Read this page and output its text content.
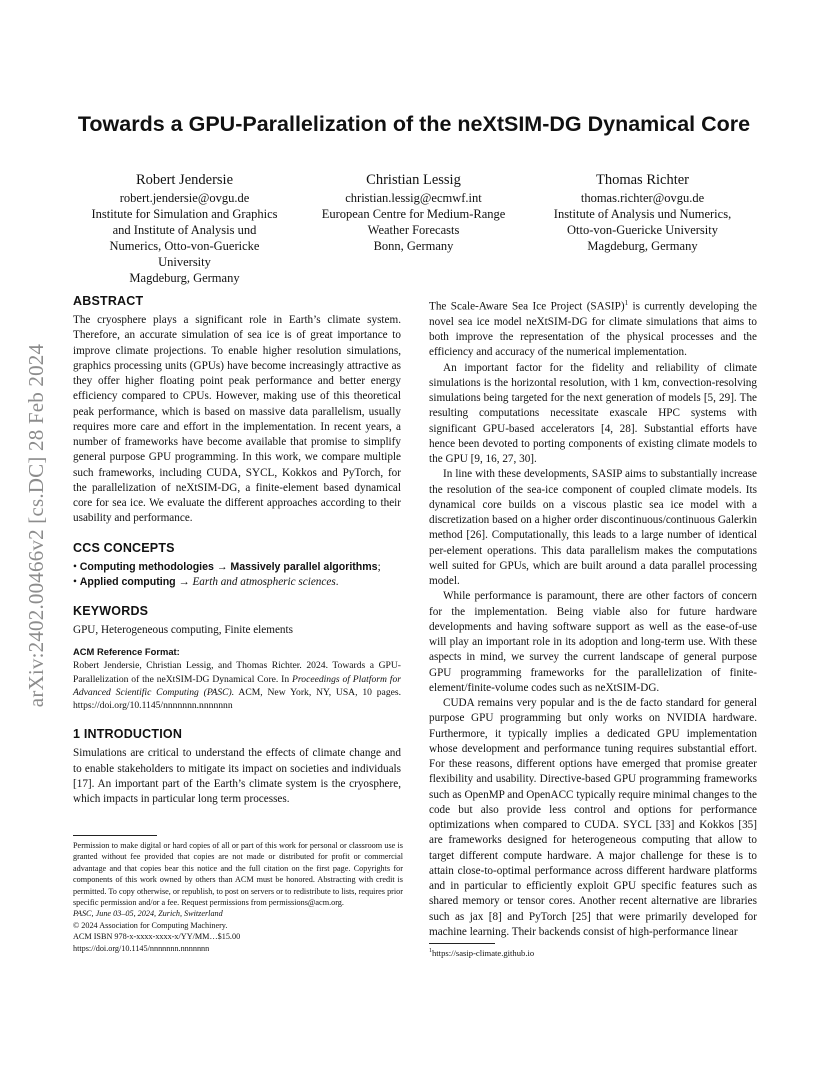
arXiv:2402.00466v2 [cs.DC] 28 Feb 2024
Towards a GPU-Parallelization of the neXtSIM-DG Dynamical Core
Robert Jendersie
robert.jendersie@ovgu.de
Institute for Simulation and Graphics
and Institute of Analysis und
Numerics, Otto-von-Guericke
University
Magdeburg, Germany
Christian Lessig
christian.lessig@ecmwf.int
European Centre for Medium-Range
Weather Forecasts
Bonn, Germany
Thomas Richter
thomas.richter@ovgu.de
Institute of Analysis und Numerics,
Otto-von-Guericke University
Magdeburg, Germany
ABSTRACT

The cryosphere plays a significant role in Earth’s climate system. Therefore, an accurate simulation of sea ice is of great importance to improve climate projections. To enable higher resolution simulations, graphics processing units (GPUs) have become increasingly attractive as they offer higher floating point peak performance and better energy efficiency compared to CPUs. However, making use of this theoretical peak performance, which is based on massive data parallelism, usually requires more care and effort in the implementation. In recent years, a number of frameworks have become available that promise to simplify general purpose GPU programming. In this work, we compare multiple such frameworks, including CUDA, SYCL, Kokkos and PyTorch, for the parallelization of neXtSIM-DG, a finite-element based dynamical core for sea ice. We evaluate the different approaches according to their usability and performance.

CCS CONCEPTS
• Computing methodologies → Massively parallel algorithms;
• Applied computing → Earth and atmospheric sciences.
KEYWORDS

GPU, Heterogeneous computing, Finite elements

ACM Reference Format:

Robert Jendersie, Christian Lessig, and Thomas Richter. 2024. Towards a GPU-Parallelization of the neXtSIM-DG Dynamical Core. In Proceedings of Platform for Advanced Scientific Computing (PASC). ACM, New York, NY, USA, 10 pages. https://doi.org/10.1145/nnnnnnn.nnnnnnn

1 INTRODUCTION

Simulations are critical to understand the effects of climate change and to enable stakeholders to mitigate its impact on societies and individuals [17]. An important part of the Earth’s climate system is the cryosphere, which impacts in particular long term processes.

Permission to make digital or hard copies of all or part of this work for personal or classroom use is granted without fee provided that copies are not made or distributed for profit or commercial advantage and that copies bear this notice and the full citation on the first page. Copyrights for components of this work owned by others than ACM must be honored. Abstracting with credit is permitted. To copy otherwise, or republish, to post on servers or to redistribute to lists, requires prior specific permission and/or a fee. Request permissions from permissions@acm.org.
PASC, June 03–05, 2024, Zurich, Switzerland
© 2024 Association for Computing Machinery.
ACM ISBN 978-x-xxxx-xxxx-x/YY/MM…$15.00
https://doi.org/10.1145/nnnnnnn.nnnnnnn

The Scale-Aware Sea Ice Project (SASIP)$^1$ is currently developing the novel sea ice model neXtSIM-DG for climate simulations that aims to both improve the representation of the physical processes and the efficiency and accuracy of the numerical implementation.

An important factor for the fidelity and reliability of climate simulations is the horizontal resolution, with 1 km, convection-resolving simulations being targeted for the next generation of models [5, 29]. The resulting computations necessitate exascale HPC systems with significant GPU-based accelerators [4, 28]. Substantial efforts have hence been devoted to porting components of existing climate models to the GPU [9, 16, 27, 30].

In line with these developments, SASIP aims to substantially increase the resolution of the sea-ice component of coupled climate models. Its dynamical core builds on a viscous plastic sea ice model with a discretization based on a higher order discontinuous/continuous Galerkin method [26]. Computationally, this leads to a large number of identical per-element operations. This data parallelism makes the computations well suited for GPUs, which are built around a data parallel processing model.

While performance is paramount, there are other factors of concern for the implementation. Being viable also for future hardware developments and having software support as well as the ease-of-use will play an important role in its adoption and long-term use. With these aspects in mind, we survey the current landscape of general purpose GPU programming frameworks for the parallelization of finite-element/finite-volume codes such as neXtSIM-DG.

CUDA remains very popular and is the de facto standard for general purpose GPU programming but only works on NVIDIA hardware. Furthermore, it typically implies a dedicated GPU implementation whose development and performance tuning requires substantial effort. For these reasons, different options have emerged that promise greater flexibility and usability. Directive-based GPU programming frameworks such as OpenMP and OpenACC typically require minimal changes to the code but also provide less control and options for performance optimizations when compared to CUDA. SYCL [33] and Kokkos [35] are frameworks designed for heterogeneous computing that allow to target different compute hardware. A major challenge for these is to attain close-to-optimal performance across different hardware platforms and in particular to efficiently exploit GPU specific features such as shared memory or tensor cores. Another recent alternative are libraries such as jax [8] and PyTorch [25] that were primarily developed for machine learning. Their backends consist of high-performance linear

$^1$https://sasip-climate.github.io
